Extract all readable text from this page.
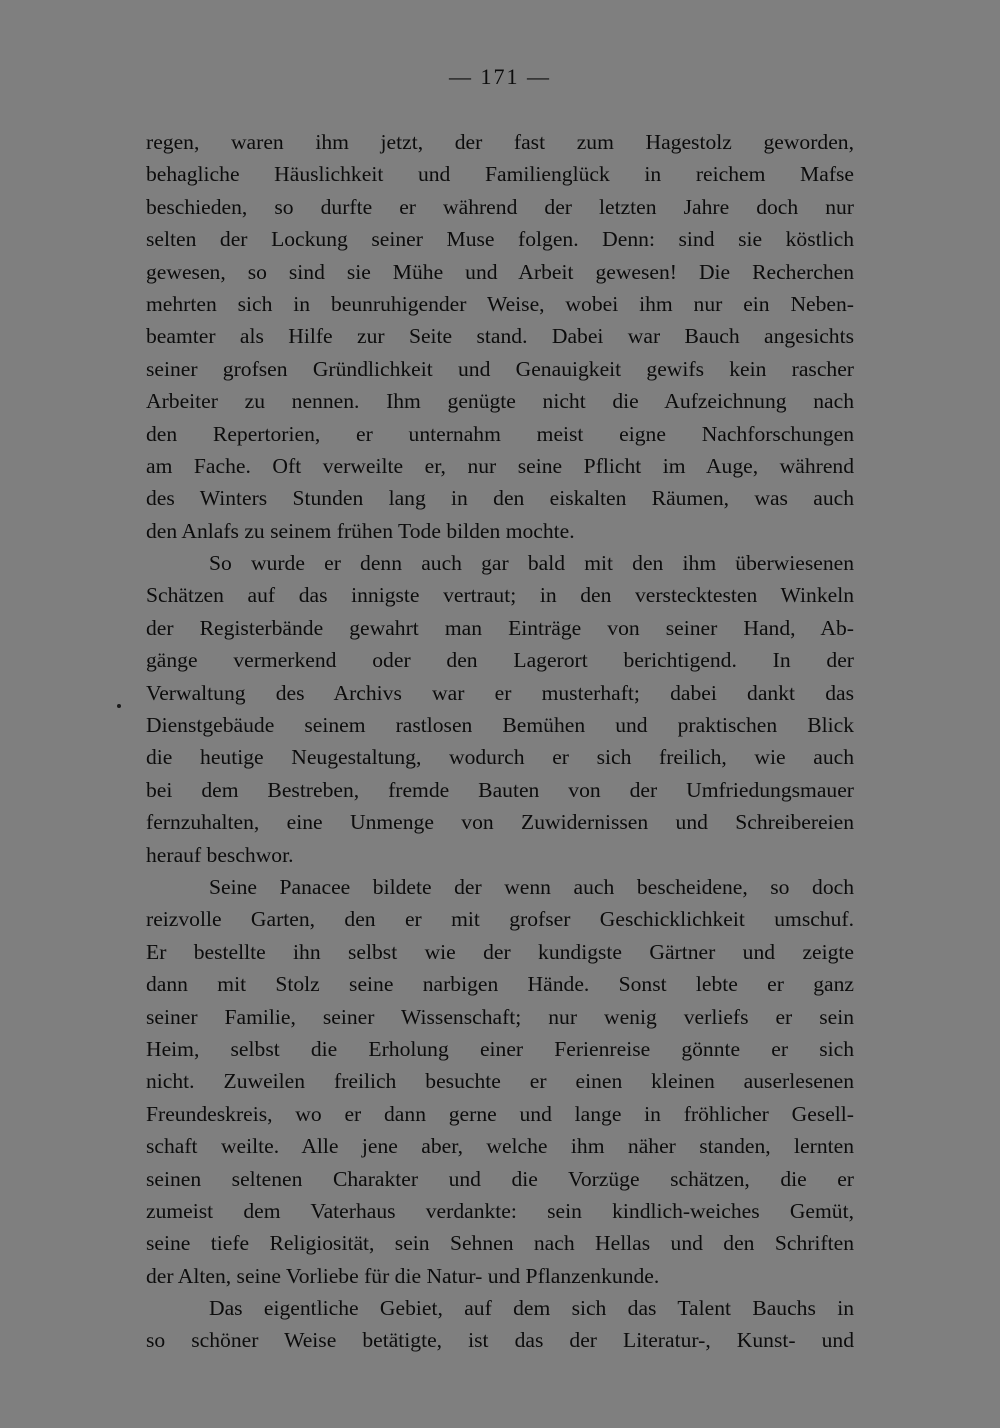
— 171 —
regen, waren ihm jetzt, der fast zum Hagestolz geworden,
behagliche Häuslichkeit und Familienglück in reichem Mafse
beschieden, so durfte er während der letzten Jahre doch nur
selten der Lockung seiner Muse folgen. Denn: sind sie köstlich
gewesen, so sind sie Mühe und Arbeit gewesen! Die Recherchen
mehrten sich in beunruhigender Weise, wobei ihm nur ein Neben-
beamter als Hilfe zur Seite stand. Dabei war Bauch angesichts
seiner grofsen Gründlichkeit und Genauigkeit gewifs kein rascher
Arbeiter zu nennen. Ihm genügte nicht die Aufzeichnung nach
den Repertorien, er unternahm meist eigne Nachforschungen
am Fache. Oft verweilte er, nur seine Pflicht im Auge, während
des Winters Stunden lang in den eiskalten Räumen, was auch
den Anlafs zu seinem frühen Tode bilden mochte.
So wurde er denn auch gar bald mit den ihm überwiesenen
Schätzen auf das innigste vertraut; in den verstecktesten Winkeln
der Registerbände gewahrt man Einträge von seiner Hand, Ab-
gänge vermerkend oder den Lagerort berichtigend. In der
Verwaltung des Archivs war er musterhaft; dabei dankt das
Dienstgebäude seinem rastlosen Bemühen und praktischen Blick
die heutige Neugestaltung, wodurch er sich freilich, wie auch
bei dem Bestreben, fremde Bauten von der Umfriedungsmauer
fernzuhalten, eine Unmenge von Zuwidernissen und Schreibereien
herauf beschwor.
Seine Panacee bildete der wenn auch bescheidene, so doch
reizvolle Garten, den er mit grofser Geschicklichkeit umschuf.
Er bestellte ihn selbst wie der kundigste Gärtner und zeigte
dann mit Stolz seine narbigen Hände. Sonst lebte er ganz
seiner Familie, seiner Wissenschaft; nur wenig verliefs er sein
Heim, selbst die Erholung einer Ferienreise gönnte er sich
nicht. Zuweilen freilich besuchte er einen kleinen auserlesenen
Freundeskreis, wo er dann gerne und lange in fröhlicher Gesell-
schaft weilte. Alle jene aber, welche ihm näher standen, lernten
seinen seltenen Charakter und die Vorzüge schätzen, die er
zumeist dem Vaterhaus verdankte: sein kindlich-weiches Gemüt,
seine tiefe Religiosität, sein Sehnen nach Hellas und den Schriften
der Alten, seine Vorliebe für die Natur- und Pflanzenkunde.
Das eigentliche Gebiet, auf dem sich das Talent Bauchs in
so schöner Weise betätigte, ist das der Literatur-, Kunst- und
